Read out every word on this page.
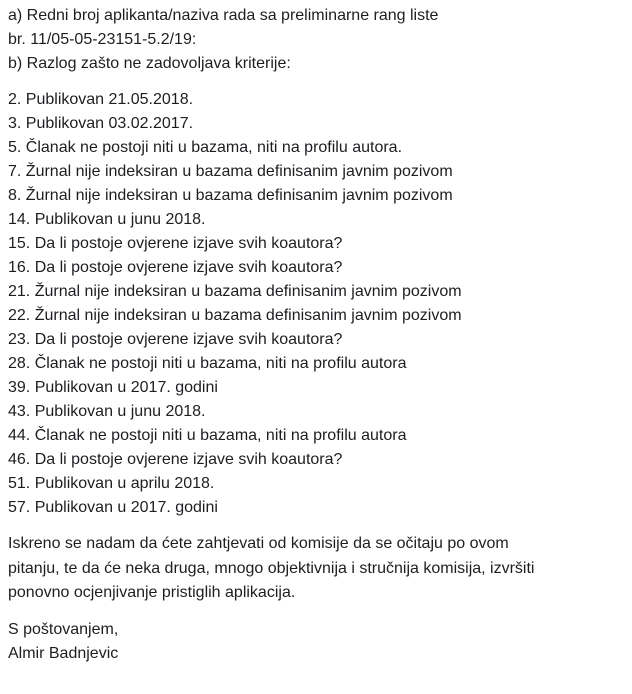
a) Redni broj aplikanta/naziva rada sa preliminarne rang liste
br. 11/05-05-23151-5.2/19:
b) Razlog zašto ne zadovoljava kriterije:
2. Publikovan 21.05.2018.
3. Publikovan 03.02.2017.
5. Članak ne postoji niti u bazama, niti na profilu autora.
7. Žurnal nije indeksiran u bazama definisanim javnim pozivom
8. Žurnal nije indeksiran u bazama definisanim javnim pozivom
14. Publikovan u junu 2018.
15. Da li postoje ovjerene izjave svih koautora?
16. Da li postoje ovjerene izjave svih koautora?
21. Žurnal nije indeksiran u bazama definisanim javnim pozivom
22. Žurnal nije indeksiran u bazama definisanim javnim pozivom
23. Da li postoje ovjerene izjave svih koautora?
28. Članak ne postoji niti u bazama, niti na profilu autora
39. Publikovan u 2017. godini
43. Publikovan u junu 2018.
44. Članak ne postoji niti u bazama, niti na profilu autora
46. Da li postoje ovjerene izjave svih koautora?
51. Publikovan u aprilu 2018.
57. Publikovan u 2017. godini
Iskreno se nadam da ćete zahtjevati od komisije da se očitaju po ovom
pitanju, te da će neka druga, mnogo objektivnija i stručnija komisija, izvršiti
ponovno ocjenjivanje pristiglih aplikacija.
S poštovanjem,
Almir Badnjevic
